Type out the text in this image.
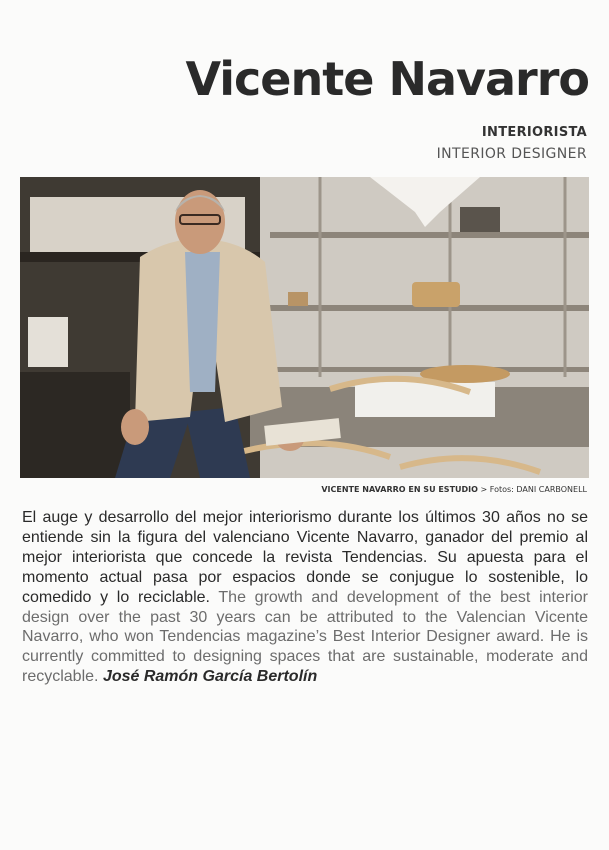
Vicente Navarro
INTERIORISTA
INTERIOR DESIGNER
VICENTE NAVARRO EN SU ESTUDIO > Fotos: DANI CARBONELL
El auge y desarrollo del mejor interiorismo durante los últimos 30 años no se entiende sin la figura del valenciano Vicente Navarro, ganador del premio al mejor interiorista que concede la revista Tendencias. Su apuesta para el momento actual pasa por espacios donde se conjugue lo sostenible, lo comedido y lo reciclable. The growth and development of the best interior design over the past 30 years can be attributed to the Valencian Vicente Navarro, who won Tendencias magazine’s Best Interior Designer award. He is currently committed to designing spaces that are sustainable, moderate and recyclable. José Ramón García Bertolín
